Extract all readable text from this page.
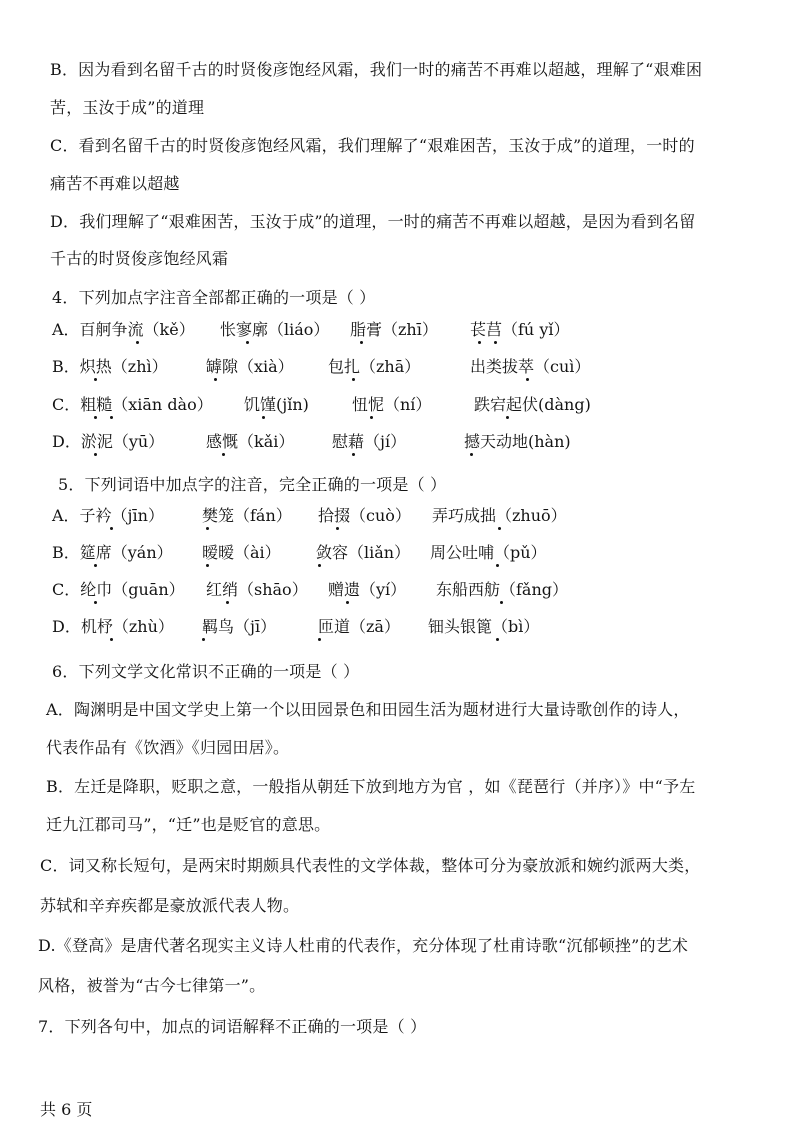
B．因为看到名留千古的时贤俊彦饱经风霜，我们一时的痛苦不再难以超越，理解了“艰难困
苦，玉汝于成”的道理
C．看到名留千古的时贤俊彦饱经风霜，我们理解了“艰难困苦，玉汝于成”的道理，一时的
痛苦不再难以超越
D．我们理解了“艰难困苦，玉汝于成”的道理，一时的痛苦不再难以超越，是因为看到名留
千古的时贤俊彦饱经风霜
4．下列加点字注音全部都正确的一项是（ ）
A．百舸争流（kě） 怅寥廓（liáo） 脂膏（zhī） 苌莒（fú yǐ）
B．炽热（zhì） 罅隙（xià） 包扎（zhā）	出类拔萃（cuì）
C．粗糙（xiān dào） 饥馑(jǐn)	忸怩（ní）	跌宕起伏(dàng)
D．淤泥（yū）	感慨（kǎi） 慰藉（jí）	撼天动地(hàn)
5．下列词语中加点字的注音，完全正确的一项是（ ）
A．子衿（jīn） 樊笼（fán） 拾掇（cuò） 弄巧成拙（zhuō）
B．筵席（yán） 暧暧（ài） 敛容（liǎn） 周公吐哺（pǔ）
C．纶巾（guān） 红绡（shāo） 赠遗（yí） 东船西舫（fǎng）
D．机杼（zhù） 羁鸟（jī）	匝道（zā） 钿头银篦（bì）
6．下列文学文化常识不正确的一项是（ ）
A．陶渊明是中国文学史上第一个以田园景色和田园生活为题材进行大量诗歌创作的诗人，
代表作品有《饮酒》《归园田居》。
B．左迁是降职，贬职之意，一般指从朝廷下放到地方为官 ，如《琵琶行（并序）》中“予左
迁九江郡司马”，“迁”也是贬官的意思。
C．词又称长短句，是两宋时期颇具代表性的文学体裁，整体可分为豪放派和婉约派两大类，
苏轼和辛弃疾都是豪放派代表人物。
D.《登高》是唐代著名现实主义诗人杜甫的代表作，充分体现了杜甫诗歌“沉郁顿挫”的艺术
风格，被誉为“古今七律第一”。
7．下列各句中，加点的词语解释不正确的一项是（ ）
共 6 页
